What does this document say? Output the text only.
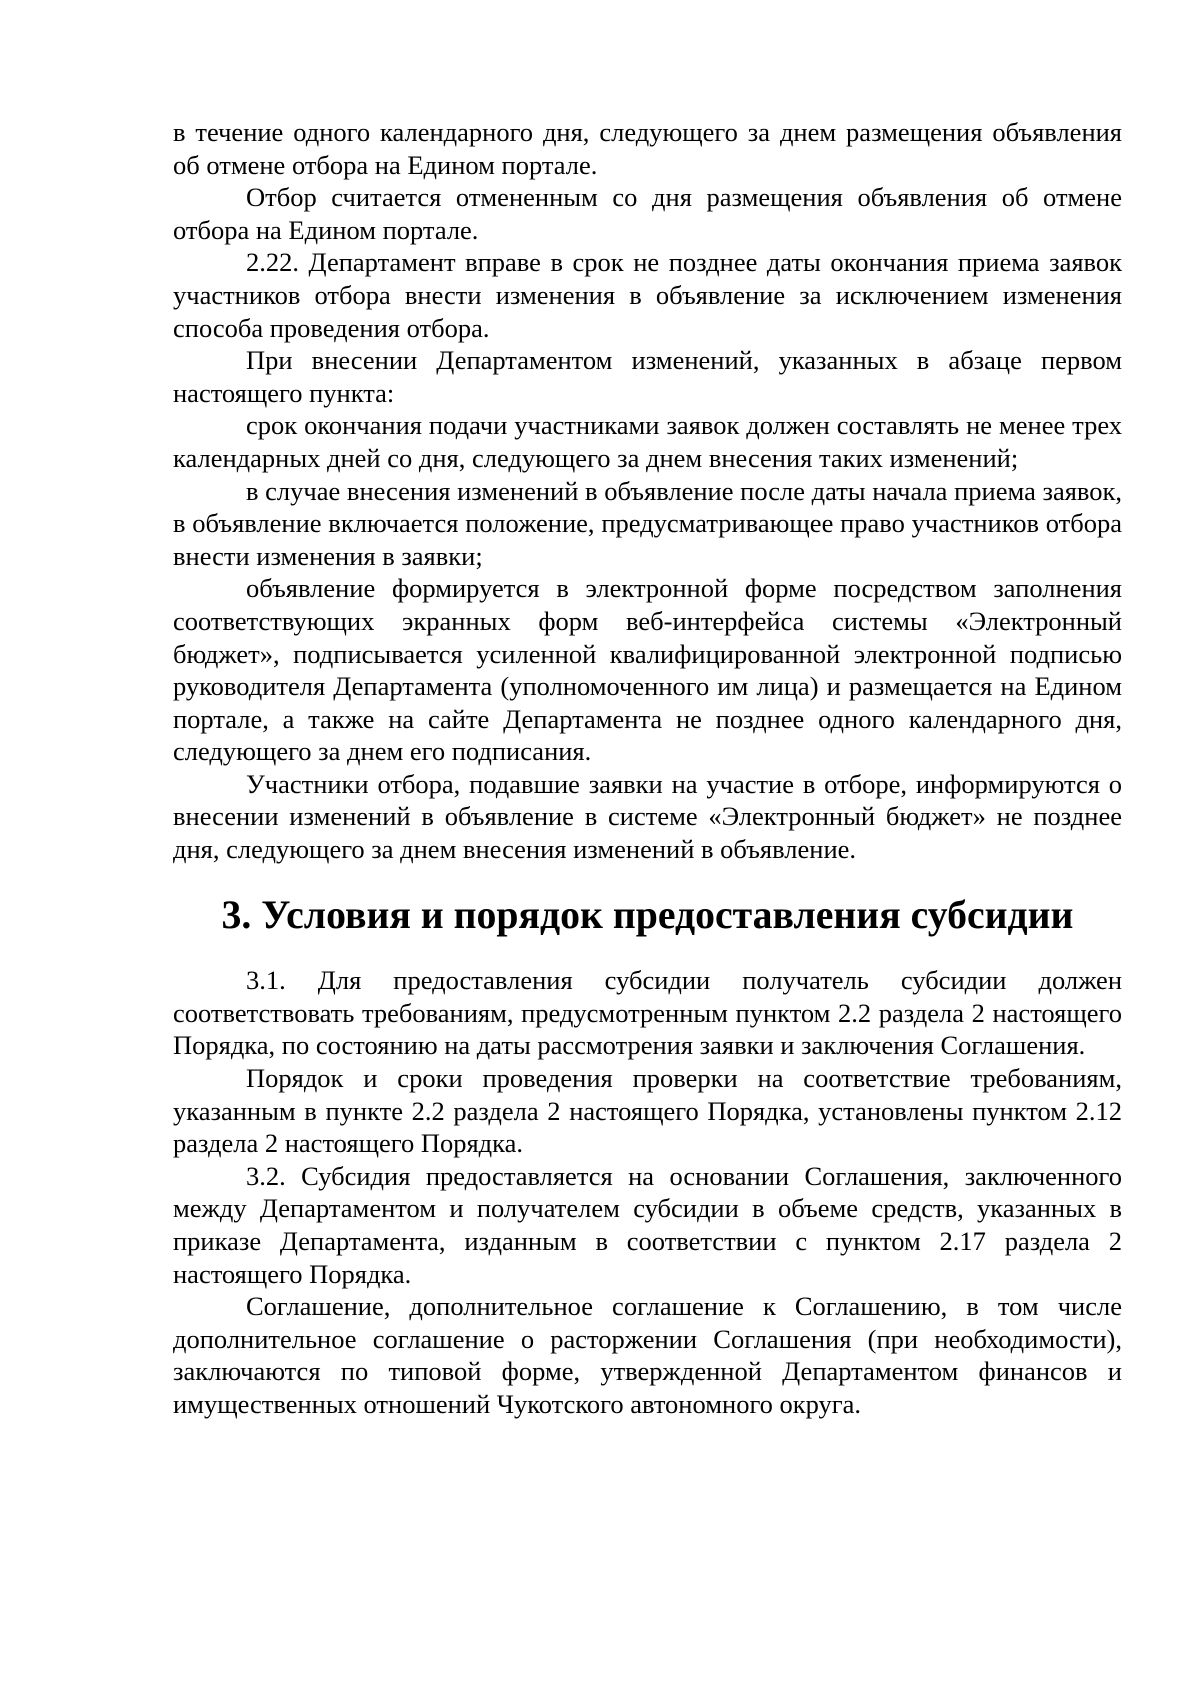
в течение одного календарного дня, следующего за днем размещения объявления об отмене отбора на Едином портале.

Отбор считается отмененным со дня размещения объявления об отмене отбора на Едином портале.

2.22. Департамент вправе в срок не позднее даты окончания приема заявок участников отбора внести изменения в объявление за исключением изменения способа проведения отбора.

При внесении Департаментом изменений, указанных в абзаце первом настоящего пункта:

срок окончания подачи участниками заявок должен составлять не менее трех календарных дней со дня, следующего за днем внесения таких изменений;

в случае внесения изменений в объявление после даты начала приема заявок, в объявление включается положение, предусматривающее право участников отбора внести изменения в заявки;

объявление формируется в электронной форме посредством заполнения соответствующих экранных форм веб-интерфейса системы «Электронный бюджет», подписывается усиленной квалифицированной электронной подписью руководителя Департамента (уполномоченного им лица) и размещается на Едином портале, а также на сайте Департамента не позднее одного календарного дня, следующего за днем его подписания.

Участники отбора, подавшие заявки на участие в отборе, информируются о внесении изменений в объявление в системе «Электронный бюджет» не позднее дня, следующего за днем внесения изменений в объявление.

3. Условия и порядок предоставления субсидии

3.1. Для предоставления субсидии получатель субсидии должен соответствовать требованиям, предусмотренным пунктом 2.2 раздела 2 настоящего Порядка, по состоянию на даты рассмотрения заявки и заключения Соглашения.

Порядок и сроки проведения проверки на соответствие требованиям, указанным в пункте 2.2 раздела 2 настоящего Порядка, установлены пунктом 2.12 раздела 2 настоящего Порядка.

3.2. Субсидия предоставляется на основании Соглашения, заключенного между Департаментом и получателем субсидии в объеме средств, указанных в приказе Департамента, изданным в соответствии с пунктом 2.17 раздела 2 настоящего Порядка.

Соглашение, дополнительное соглашение к Соглашению, в том числе дополнительное соглашение о расторжении Соглашения (при необходимости), заключаются по типовой форме, утвержденной Департаментом финансов и имущественных отношений Чукотского автономного округа.
